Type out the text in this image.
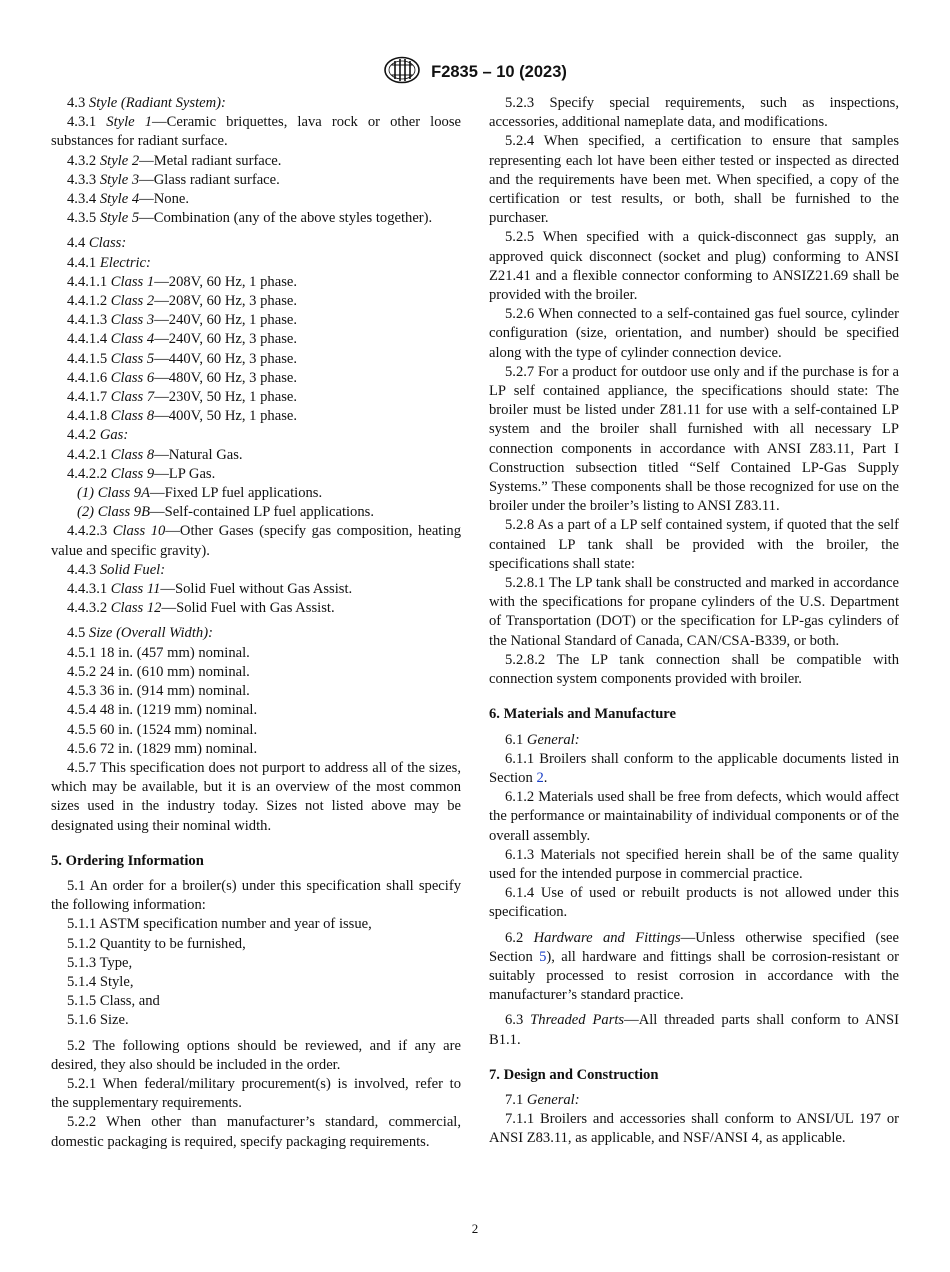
F2835 – 10 (2023)

4.3 Style (Radiant System):

4.3.1 Style 1—Ceramic briquettes, lava rock or other loose substances for radiant surface.

4.3.2 Style 2—Metal radiant surface.

4.3.3 Style 3—Glass radiant surface.

4.3.4 Style 4—None.

4.3.5 Style 5—Combination (any of the above styles together).

4.4 Class:

4.4.1 Electric:

4.4.1.1 Class 1—208V, 60 Hz, 1 phase.

4.4.1.2 Class 2—208V, 60 Hz, 3 phase.

4.4.1.3 Class 3—240V, 60 Hz, 1 phase.

4.4.1.4 Class 4—240V, 60 Hz, 3 phase.

4.4.1.5 Class 5—440V, 60 Hz, 3 phase.

4.4.1.6 Class 6—480V, 60 Hz, 3 phase.

4.4.1.7 Class 7—230V, 50 Hz, 1 phase.

4.4.1.8 Class 8—400V, 50 Hz, 1 phase.

4.4.2 Gas:

4.4.2.1 Class 8—Natural Gas.

4.4.2.2 Class 9—LP Gas.

(1) Class 9A—Fixed LP fuel applications.

(2) Class 9B—Self-contained LP fuel applications.

4.4.2.3 Class 10—Other Gases (specify gas composition, heating value and specific gravity).

4.4.3 Solid Fuel:

4.4.3.1 Class 11—Solid Fuel without Gas Assist.

4.4.3.2 Class 12—Solid Fuel with Gas Assist.

4.5 Size (Overall Width):

4.5.1 18 in. (457 mm) nominal.

4.5.2 24 in. (610 mm) nominal.

4.5.3 36 in. (914 mm) nominal.

4.5.4 48 in. (1219 mm) nominal.

4.5.5 60 in. (1524 mm) nominal.

4.5.6 72 in. (1829 mm) nominal.

4.5.7 This specification does not purport to address all of the sizes, which may be available, but it is an overview of the most common sizes used in the industry today. Sizes not listed above may be designated using their nominal width.

5. Ordering Information

5.1 An order for a broiler(s) under this specification shall specify the following information:

5.1.1 ASTM specification number and year of issue,

5.1.2 Quantity to be furnished,

5.1.3 Type,

5.1.4 Style,

5.1.5 Class, and

5.1.6 Size.

5.2 The following options should be reviewed, and if any are desired, they also should be included in the order.

5.2.1 When federal/military procurement(s) is involved, refer to the supplementary requirements.

5.2.2 When other than manufacturer’s standard, commercial, domestic packaging is required, specify packaging requirements.

5.2.3 Specify special requirements, such as inspections, accessories, additional nameplate data, and modifications.

5.2.4 When specified, a certification to ensure that samples representing each lot have been either tested or inspected as directed and the requirements have been met. When specified, a copy of the certification or test results, or both, shall be furnished to the purchaser.

5.2.5 When specified with a quick-disconnect gas supply, an approved quick disconnect (socket and plug) conforming to ANSI Z21.41 and a flexible connector conforming to ANSIZ21.69 shall be provided with the broiler.

5.2.6 When connected to a self-contained gas fuel source, cylinder configuration (size, orientation, and number) should be specified along with the type of cylinder connection device.

5.2.7 For a product for outdoor use only and if the purchase is for a LP self contained appliance, the specifications should state: The broiler must be listed under Z81.11 for use with a self-contained LP system and the broiler shall furnished with all necessary LP connection components in accordance with ANSI Z83.11, Part I Construction subsection titled “Self Contained LP-Gas Supply Systems.” These components shall be those recognized for use on the broiler under the broiler’s listing to ANSI Z83.11.

5.2.8 As a part of a LP self contained system, if quoted that the self contained LP tank shall be provided with the broiler, the specifications shall state:

5.2.8.1 The LP tank shall be constructed and marked in accordance with the specifications for propane cylinders of the U.S. Department of Transportation (DOT) or the specification for LP-gas cylinders of the National Standard of Canada, CAN/CSA-B339, or both.

5.2.8.2 The LP tank connection shall be compatible with connection system components provided with broiler.

6. Materials and Manufacture

6.1 General:

6.1.1 Broilers shall conform to the applicable documents listed in Section 2.

6.1.2 Materials used shall be free from defects, which would affect the performance or maintainability of individual components or of the overall assembly.

6.1.3 Materials not specified herein shall be of the same quality used for the intended purpose in commercial practice.

6.1.4 Use of used or rebuilt products is not allowed under this specification.

6.2 Hardware and Fittings—Unless otherwise specified (see Section 5), all hardware and fittings shall be corrosion-resistant or suitably processed to resist corrosion in accordance with the manufacturer’s standard practice.

6.3 Threaded Parts—All threaded parts shall conform to ANSI B1.1.

7. Design and Construction

7.1 General:

7.1.1 Broilers and accessories shall conform to ANSI/UL 197 or ANSI Z83.11, as applicable, and NSF/ANSI 4, as applicable.

2
